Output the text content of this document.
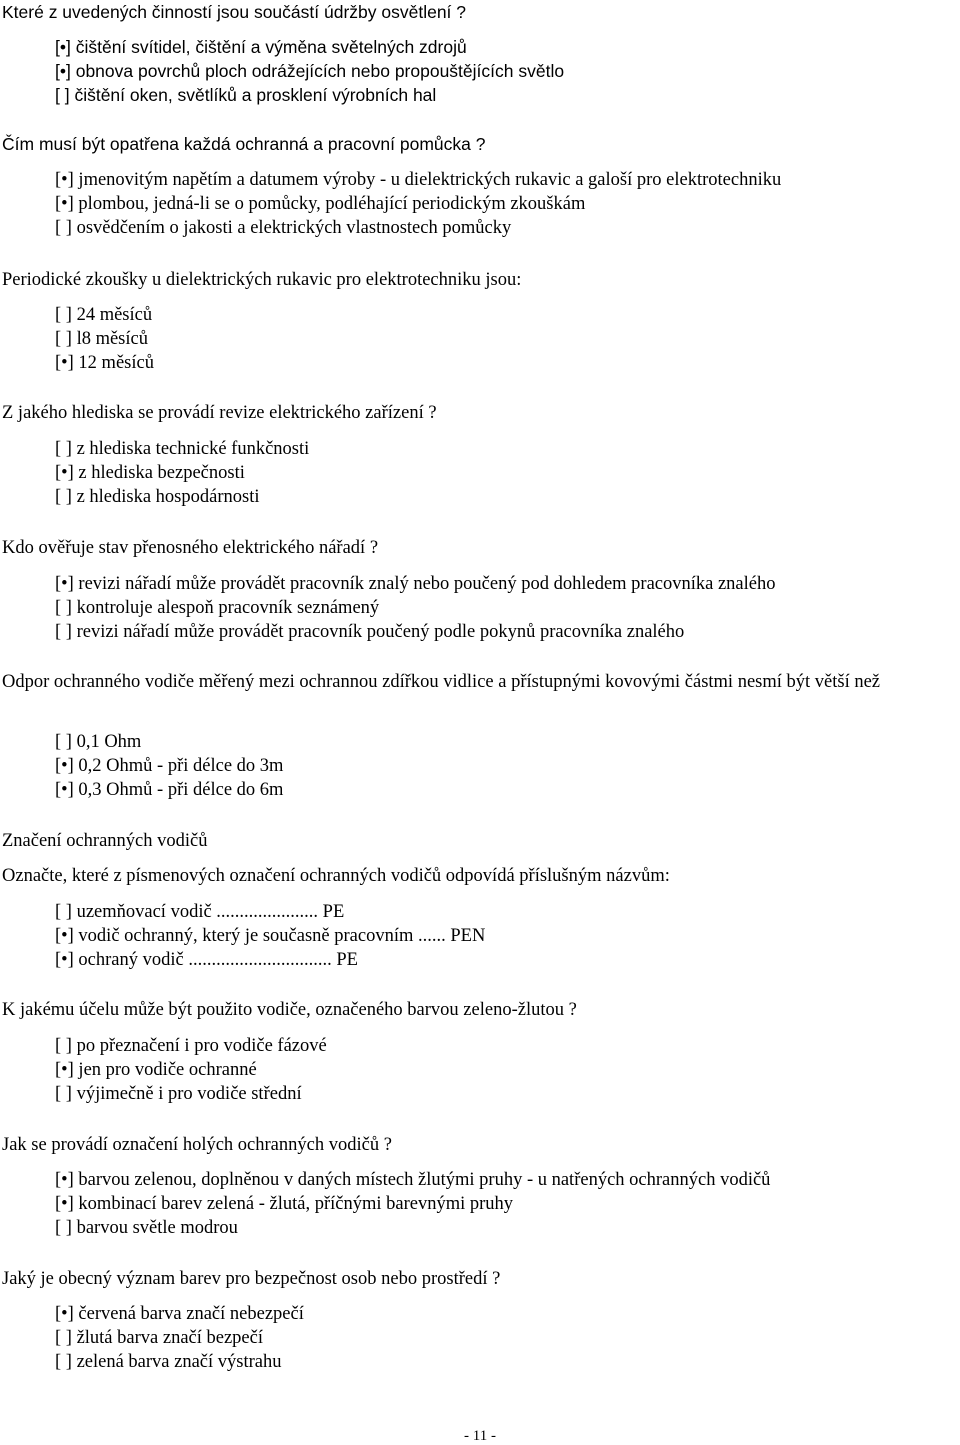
Které z uvedených činností jsou součástí údržby osvětlení ?
[•] čištění svítidel, čištění a výměna světelných zdrojů
[•] obnova povrchů ploch odrážejících nebo propouštějících světlo
[ ] čištění oken, světlíků a prosklení výrobních hal
Čím musí být opatřena každá ochranná a pracovní pomůcka ?
[•] jmenovitým napětím a datumem výroby - u dielektrických rukavic a galoší pro elektrotechniku
[•] plombou, jedná-li se o pomůcky, podléhající periodickým zkouškám
[ ] osvědčením o jakosti a elektrických vlastnostech pomůcky
Periodické zkoušky u dielektrických rukavic pro elektrotechniku jsou:
[ ] 24 měsíců
[ ] l8 měsíců
[•] 12 měsíců
Z jakého hlediska se provádí revize elektrického zařízení ?
[ ] z hlediska technické funkčnosti
[•] z hlediska bezpečnosti
[ ] z hlediska hospodárnosti
Kdo ověřuje stav přenosného elektrického nářadí ?
[•] revizi nářadí může provádět pracovník znalý nebo poučený pod dohledem pracovníka znalého
[ ] kontroluje alespoň pracovník seznámený
[ ] revizi nářadí může provádět pracovník poučený podle pokynů pracovníka znalého
Odpor ochranného vodiče měřený mezi ochrannou zdířkou vidlice a přístupnými kovovými částmi nesmí být větší než
[ ] 0,1 Ohm
[•] 0,2 Ohmů - při délce do 3m
[•] 0,3 Ohmů - při délce do 6m
Značení ochranných vodičů
Označte, které z písmenových označení ochranných vodičů odpovídá příslušným názvům:
[ ] uzemňovací vodič ...................... PE
[•] vodič ochranný, který je současně pracovním ...... PEN
[•] ochraný vodič ............................... PE
K jakému účelu může být použito vodiče, označeného barvou zeleno-žlutou ?
[ ] po přeznačení i pro vodiče fázové
[•] jen pro vodiče ochranné
[ ] výjimečně i pro vodiče střední
Jak se provádí označení holých ochranných vodičů ?
[•] barvou zelenou, doplněnou v daných místech žlutými pruhy - u natřených ochranných vodičů
[•] kombinací barev zelená - žlutá, příčnými barevnými pruhy
[ ] barvou světle modrou
Jaký je obecný význam barev pro bezpečnost osob nebo prostředí ?
[•] červená barva značí nebezpečí
[ ] žlutá barva značí bezpečí
[ ] zelená barva značí výstrahu
- 11 -
